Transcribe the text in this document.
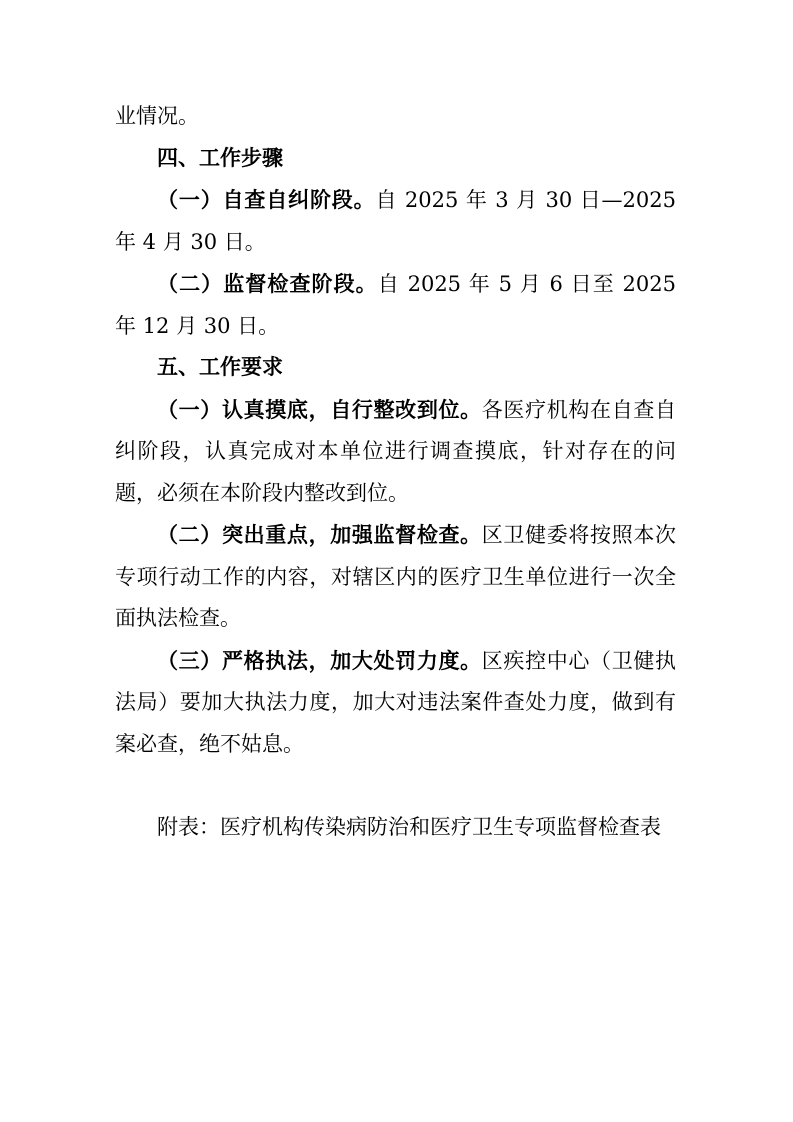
业情况。

四、工作步骤

（一）自查自纠阶段。自 2025 年 3 月 30 日—2025 年 4 月 30 日。

（二）监督检查阶段。自 2025 年 5 月 6 日至 2025 年 12 月 30 日。

五、工作要求

（一）认真摸底，自行整改到位。各医疗机构在自查自纠阶段，认真完成对本单位进行调查摸底，针对存在的问题，必须在本阶段内整改到位。

（二）突出重点，加强监督检查。区卫健委将按照本次专项行动工作的内容，对辖区内的医疗卫生单位进行一次全面执法检查。

（三）严格执法，加大处罚力度。区疾控中心（卫健执法局）要加大执法力度，加大对违法案件查处力度，做到有案必查，绝不姑息。

附表：医疗机构传染病防治和医疗卫生专项监督检查表
